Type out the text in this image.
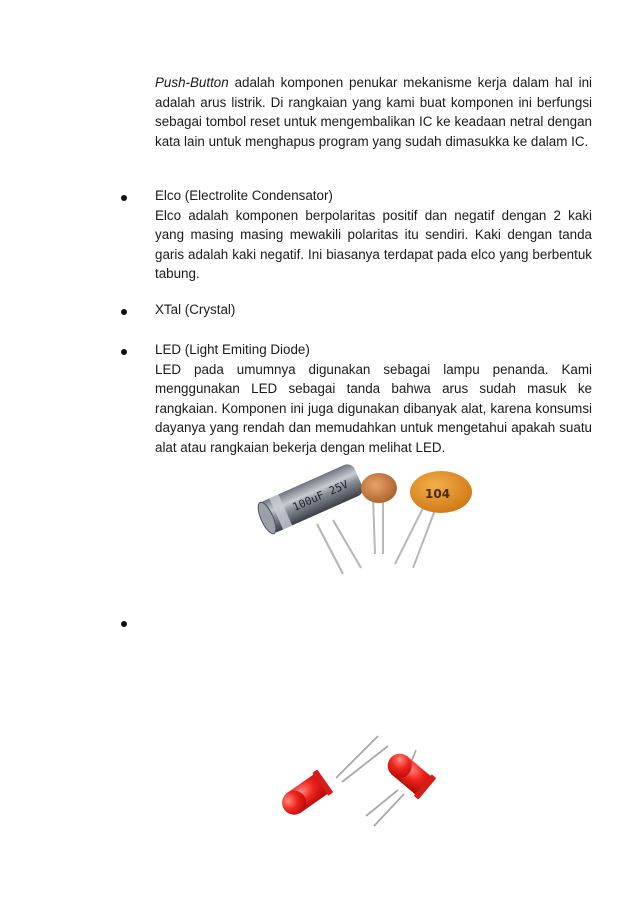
Push-Button adalah komponen penukar mekanisme kerja dalam hal ini adalah arus listrik. Di rangkaian yang kami buat komponen ini berfungsi sebagai tombol reset untuk mengembalikan IC ke keadaan netral dengan kata lain untuk menghapus program yang sudah dimasukka ke dalam IC.

Elco (Electrolite Condensator)

Elco adalah komponen berpolaritas positif dan negatif dengan 2 kaki yang masing masing mewakili polaritas itu sendiri. Kaki dengan tanda garis adalah kaki negatif. Ini biasanya terdapat pada elco yang berbentuk tabung.

XTal (Crystal)

LED (Light Emiting Diode)

LED pada umumnya digunakan sebagai lampu penanda. Kami menggunakan LED sebagai tanda bahwa arus sudah masuk ke rangkaian. Komponen ini juga digunakan dibanyak alat, karena konsumsi dayanya yang rendah dan memudahkan untuk mengetahui apakah suatu alat atau rangkaian bekerja dengan melihat LED.

100uF 25V	104
